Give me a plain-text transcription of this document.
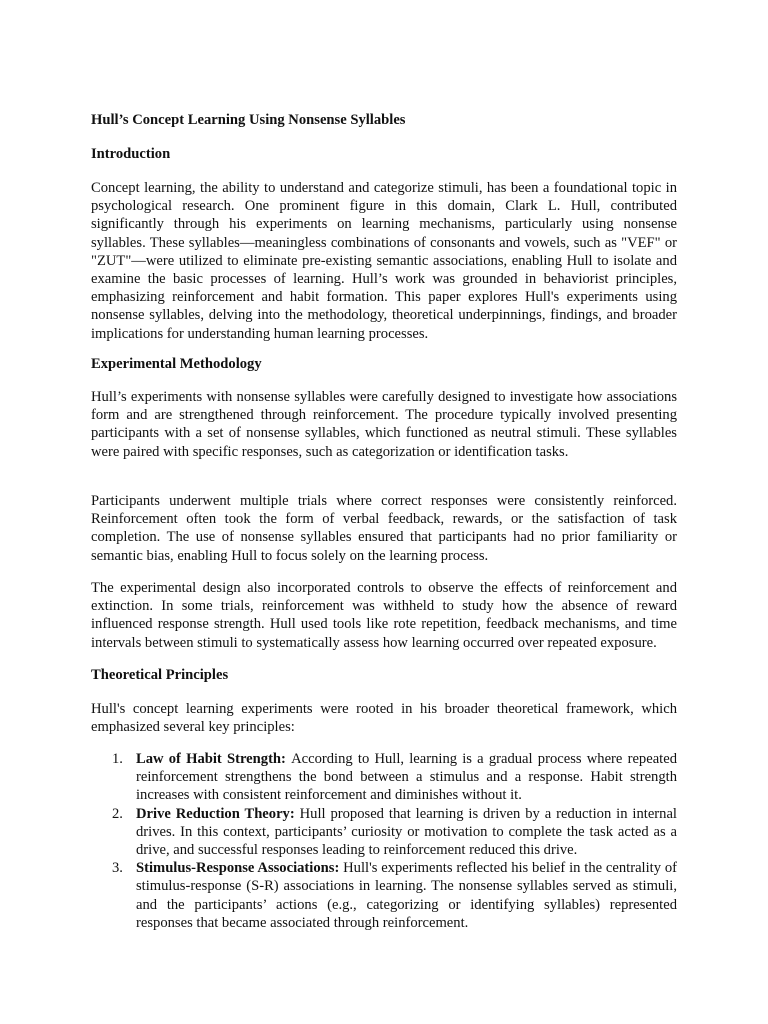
Hull’s Concept Learning Using Nonsense Syllables
Introduction

Concept learning, the ability to understand and categorize stimuli, has been a foundational topic in psychological research. One prominent figure in this domain, Clark L. Hull, contributed significantly through his experiments on learning mechanisms, particularly using nonsense syllables. These syllables—meaningless combinations of consonants and vowels, such as "VEF" or "ZUT"—were utilized to eliminate pre-existing semantic associations, enabling Hull to isolate and examine the basic processes of learning. Hull’s work was grounded in behaviorist principles, emphasizing reinforcement and habit formation. This paper explores Hull's experiments using nonsense syllables, delving into the methodology, theoretical underpinnings, findings, and broader implications for understanding human learning processes.

Experimental Methodology

Hull’s experiments with nonsense syllables were carefully designed to investigate how associations form and are strengthened through reinforcement. The procedure typically involved presenting participants with a set of nonsense syllables, which functioned as neutral stimuli. These syllables were paired with specific responses, such as categorization or identification tasks.

Participants underwent multiple trials where correct responses were consistently reinforced. Reinforcement often took the form of verbal feedback, rewards, or the satisfaction of task completion. The use of nonsense syllables ensured that participants had no prior familiarity or semantic bias, enabling Hull to focus solely on the learning process.

The experimental design also incorporated controls to observe the effects of reinforcement and extinction. In some trials, reinforcement was withheld to study how the absence of reward influenced response strength. Hull used tools like rote repetition, feedback mechanisms, and time intervals between stimuli to systematically assess how learning occurred over repeated exposure.

Theoretical Principles

Hull's concept learning experiments were rooted in his broader theoretical framework, which emphasized several key principles:

1. Law of Habit Strength: According to Hull, learning is a gradual process where repeated reinforcement strengthens the bond between a stimulus and a response. Habit strength increases with consistent reinforcement and diminishes without it.
2. Drive Reduction Theory: Hull proposed that learning is driven by a reduction in internal drives. In this context, participants’ curiosity or motivation to complete the task acted as a drive, and successful responses leading to reinforcement reduced this drive.
3. Stimulus-Response Associations: Hull's experiments reflected his belief in the centrality of stimulus-response (S-R) associations in learning. The nonsense syllables served as stimuli, and the participants’ actions (e.g., categorizing or identifying syllables) represented responses that became associated through reinforcement.
